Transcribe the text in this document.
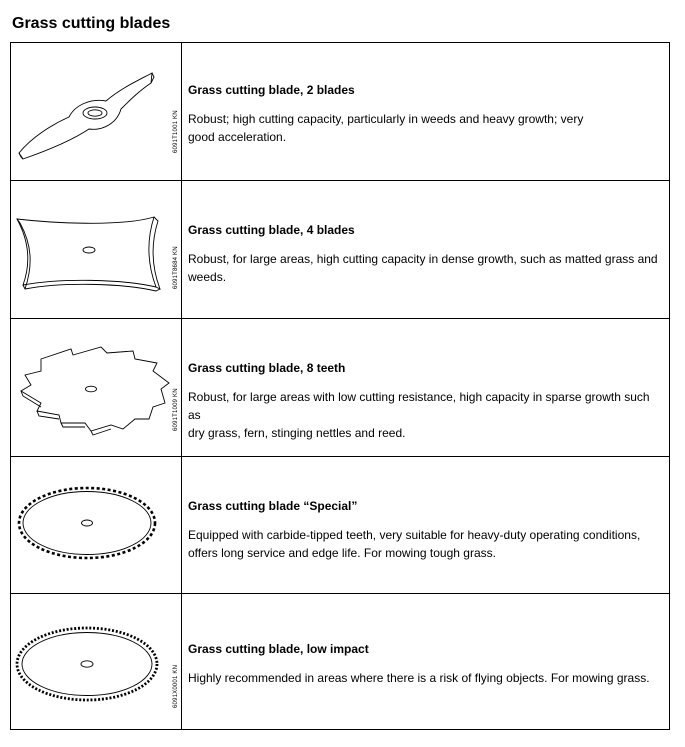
Grass cutting blades
6091T1001 KN

Grass cutting blade, 2 blades

Robust; high cutting capacity, particularly in weeds and heavy growth; very

good acceleration.

6091T8684 KN

Grass cutting blade, 4 blades

Robust, for large areas, high cutting capacity in dense growth, such as matted grass and

weeds.

6091T1009 KN

Grass cutting blade, 8 teeth

Robust, for large areas with low cutting resistance, high capacity in sparse growth such as

dry grass, fern, stinging nettles and reed.

Grass cutting blade “Special”

Equipped with carbide-tipped teeth, very suitable for heavy-duty operating conditions,

offers long service and edge life. For mowing tough grass.

6091X0001 KN

Grass cutting blade, low impact

Highly recommended in areas where there is a risk of flying objects. For mowing grass.
